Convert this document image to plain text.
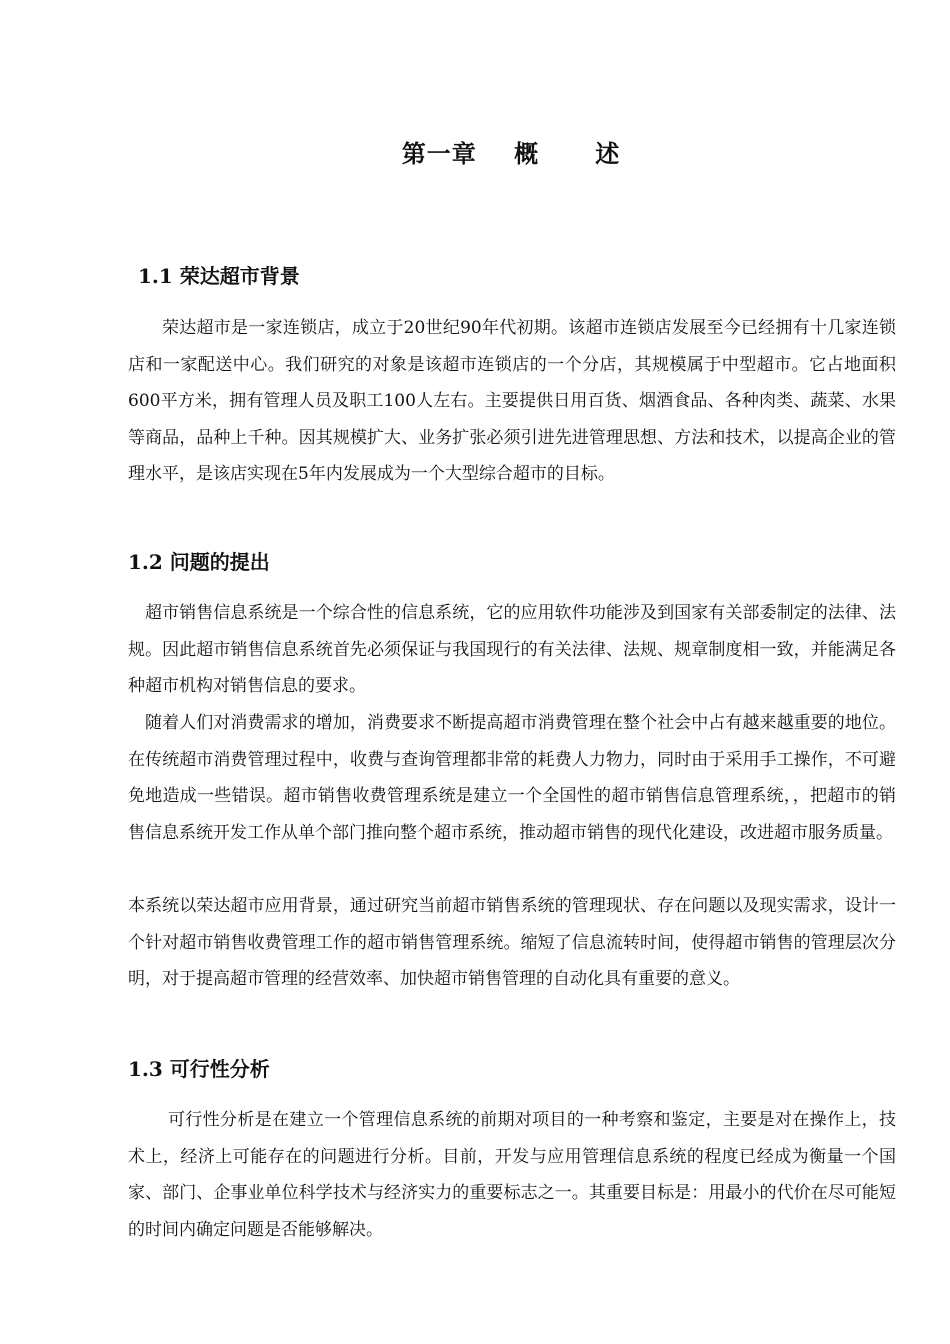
第一章    概      述
1.1 荣达超市背景

荣达超市是一家连锁店，成立于20世纪90年代初期。该超市连锁店发展至今已经拥有十几家连锁店和一家配送中心。我们研究的对象是该超市连锁店的一个分店，其规模属于中型超市。它占地面积600平方米，拥有管理人员及职工100人左右。主要提供日用百货、烟酒食品、各种肉类、蔬菜、水果等商品，品种上千种。因其规模扩大、业务扩张必须引进先进管理思想、方法和技术，以提高企业的管理水平，是该店实现在5年内发展成为一个大型综合超市的目标。

1.2 问题的提出

超市销售信息系统是一个综合性的信息系统，它的应用软件功能涉及到国家有关部委制定的法律、法规。因此超市销售信息系统首先必须保证与我国现行的有关法律、法规、规章制度相一致，并能满足各种超市机构对销售信息的要求。

随着人们对消费需求的增加，消费要求不断提高超市消费管理在整个社会中占有越来越重要的地位。在传统超市消费管理过程中，收费与查询管理都非常的耗费人力物力，同时由于采用手工操作，不可避免地造成一些错误。超市销售收费管理系统是建立一个全国性的超市销售信息管理系统，，把超市的销售信息系统开发工作从单个部门推向整个超市系统，推动超市销售的现代化建设，改进超市服务质量。

本系统以荣达超市应用背景，通过研究当前超市销售系统的管理现状、存在问题以及现实需求，设计一个针对超市销售收费管理工作的超市销售管理系统。缩短了信息流转时间，使得超市销售的管理层次分明，对于提高超市管理的经营效率、加快超市销售管理的自动化具有重要的意义。

1.3 可行性分析

可行性分析是在建立一个管理信息系统的前期对项目的一种考察和鉴定，主要是对在操作上，技术上，经济上可能存在的问题进行分析。目前，开发与应用管理信息系统的程度已经成为衡量一个国家、部门、企事业单位科学技术与经济实力的重要标志之一。其重要目标是：用最小的代价在尽可能短的时间内确定问题是否能够解决。
